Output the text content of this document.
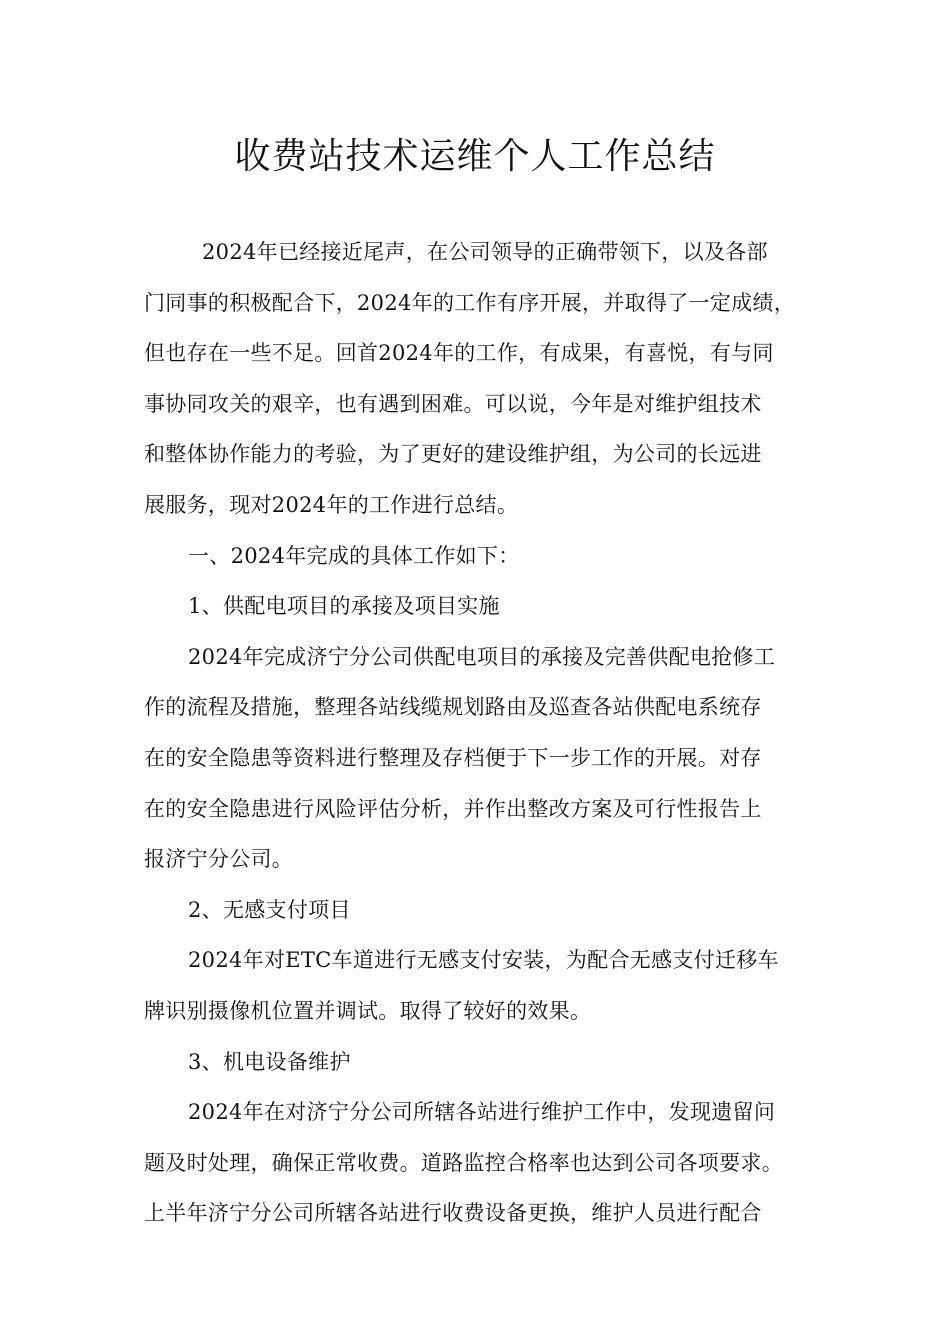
收费站技术运维个人工作总结
2024年已经接近尾声，在公司领导的正确带领下，以及各部
门同事的积极配合下，2024年的工作有序开展，并取得了一定成绩，
但也存在一些不足。回首2024年的工作，有成果，有喜悦，有与同
事协同攻关的艰辛，也有遇到困难。可以说，今年是对维护组技术
和整体协作能力的考验，为了更好的建设维护组，为公司的长远进
展服务，现对2024年的工作进行总结。
一、2024年完成的具体工作如下：
1、供配电项目的承接及项目实施
2024年完成济宁分公司供配电项目的承接及完善供配电抢修工
作的流程及措施，整理各站线缆规划路由及巡查各站供配电系统存
在的安全隐患等资料进行整理及存档便于下一步工作的开展。对存
在的安全隐患进行风险评估分析，并作出整改方案及可行性报告上
报济宁分公司。
2、无感支付项目
2024年对ETC车道进行无感支付安装，为配合无感支付迁移车
牌识别摄像机位置并调试。取得了较好的效果。
3、机电设备维护
2024年在对济宁分公司所辖各站进行维护工作中，发现遗留问
题及时处理，确保正常收费。道路监控合格率也达到公司各项要求。
上半年济宁分公司所辖各站进行收费设备更换，维护人员进行配合
